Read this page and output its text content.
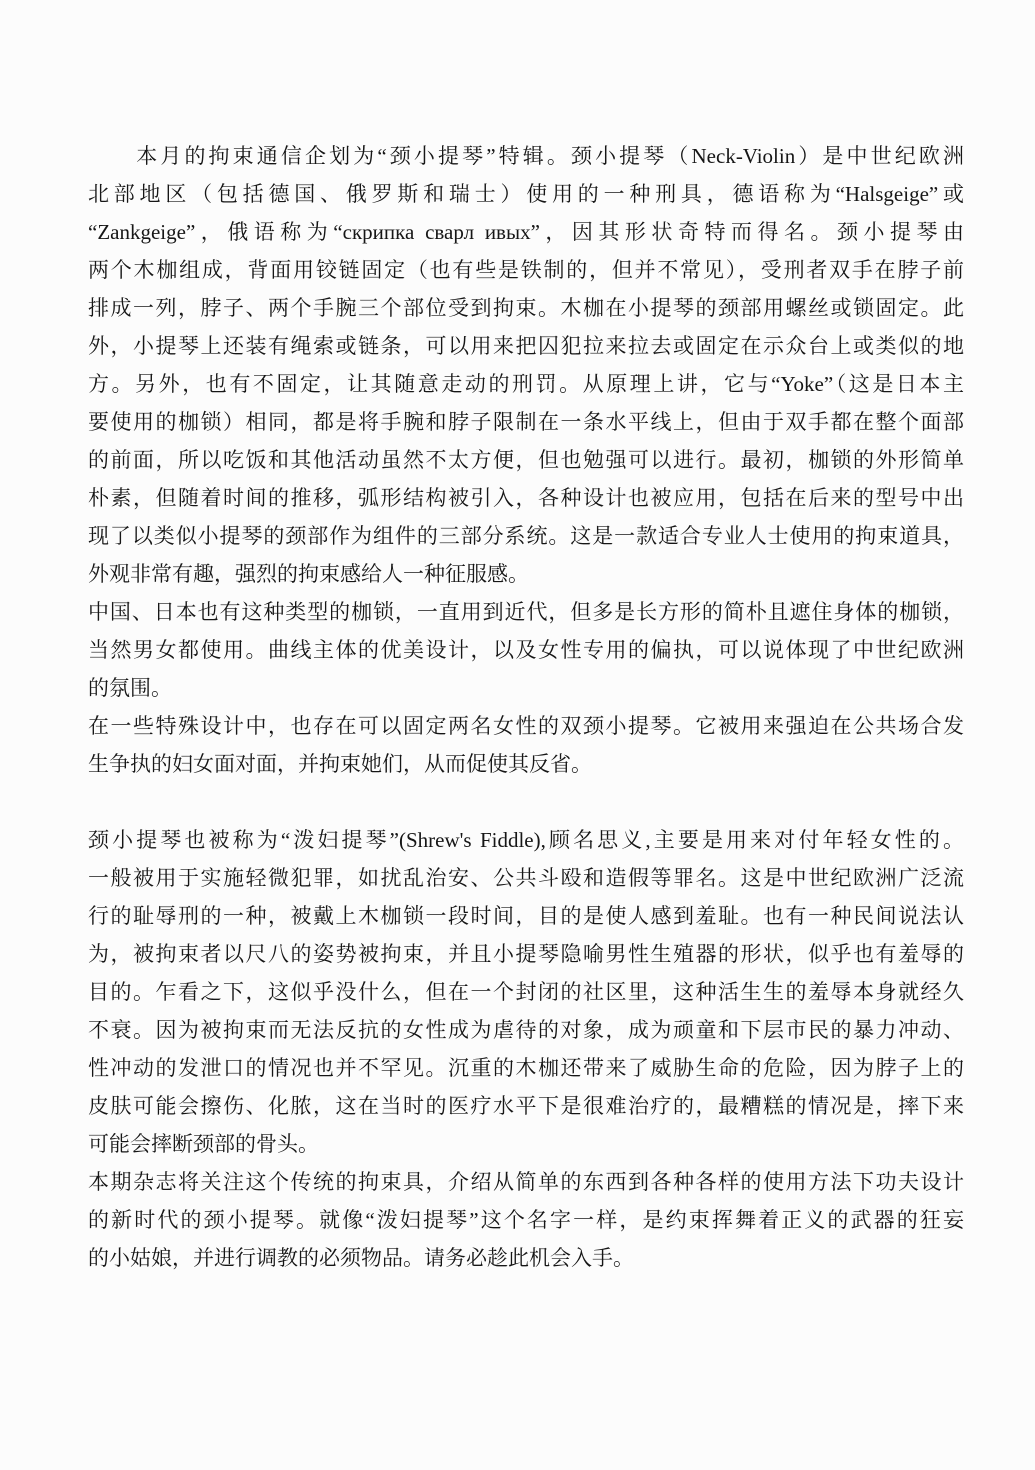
　　本月的拘束通信企划为“颈小提琴”特辑。颈小提琴（Neck-Violin）是中世纪欧洲
北部地区（包括德国、俄罗斯和瑞士）使用的一种刑具，德语称为“Halsgeige”或
“Zankgeige”，俄语称为“скрипка сварл ивых”，因其形状奇特而得名。颈小提琴由
两个木枷组成，背面用铰链固定（也有些是铁制的，但并不常见），受刑者双手在脖子前
排成一列，脖子、两个手腕三个部位受到拘束。木枷在小提琴的颈部用螺丝或锁固定。此
外，小提琴上还装有绳索或链条，可以用来把囚犯拉来拉去或固定在示众台上或类似的地
方。另外，也有不固定，让其随意走动的刑罚。从原理上讲，它与“Yoke”（这是日本主
要使用的枷锁）相同，都是将手腕和脖子限制在一条水平线上，但由于双手都在整个面部
的前面，所以吃饭和其他活动虽然不太方便，但也勉强可以进行。最初，枷锁的外形简单
朴素，但随着时间的推移，弧形结构被引入，各种设计也被应用，包括在后来的型号中出
现了以类似小提琴的颈部作为组件的三部分系统。这是一款适合专业人士使用的拘束道具，
外观非常有趣，强烈的拘束感给人一种征服感。
中国、日本也有这种类型的枷锁，一直用到近代，但多是长方形的简朴且遮住身体的枷锁，
当然男女都使用。曲线主体的优美设计，以及女性专用的偏执，可以说体现了中世纪欧洲
的氛围。
在一些特殊设计中，也存在可以固定两名女性的双颈小提琴。它被用来强迫在公共场合发
生争执的妇女面对面，并拘束她们，从而促使其反省。
颈小提琴也被称为“泼妇提琴”(Shrew's Fiddle),顾名思义,主要是用来对付年轻女性的。
一般被用于实施轻微犯罪，如扰乱治安、公共斗殴和造假等罪名。这是中世纪欧洲广泛流
行的耻辱刑的一种，被戴上木枷锁一段时间，目的是使人感到羞耻。也有一种民间说法认
为，被拘束者以尺八的姿势被拘束，并且小提琴隐喻男性生殖器的形状，似乎也有羞辱的
目的。乍看之下，这似乎没什么，但在一个封闭的社区里，这种活生生的羞辱本身就经久
不衰。因为被拘束而无法反抗的女性成为虐待的对象，成为顽童和下层市民的暴力冲动、
性冲动的发泄口的情况也并不罕见。沉重的木枷还带来了威胁生命的危险，因为脖子上的
皮肤可能会擦伤、化脓，这在当时的医疗水平下是很难治疗的，最糟糕的情况是，摔下来
可能会摔断颈部的骨头。
本期杂志将关注这个传统的拘束具，介绍从简单的东西到各种各样的使用方法下功夫设计
的新时代的颈小提琴。就像“泼妇提琴”这个名字一样，是约束挥舞着正义的武器的狂妄
的小姑娘，并进行调教的必须物品。请务必趁此机会入手。
